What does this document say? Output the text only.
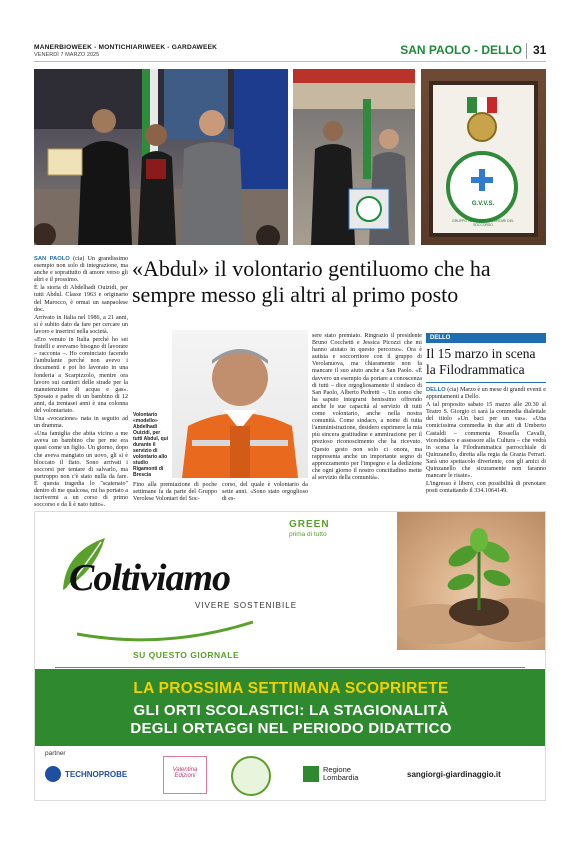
MANERBIOWEEK - MONTICHIARIWEEK - GARDAWEEK
VENERDÌ 7 MARZO 2025	SAN PAOLO - DELLO 31
G.V.V.S.
GRUPPO VEROLESE VOLONTARI DEL SOCCORSO

SAN PAOLO (cia) Un grandissimo esempio non solo di integrazione, ma anche e soprattutto di amore verso gli altri e il prossimo.

È la storia di Abdelhadi Ouizidi, per tutti Abdul. Classe 1963 e originario del Marocco, è ormai un sanpaolese doc.

Arrivato in Italia nel 1986, a 21 anni, si è subito dato da fare per cercare un lavoro e inserirsi nella società.

«Ero venuto in Italia perché ho sei fratelli e avevamo bisogno di lavorare – racconta –. Ho cominciato facendo l'ambulante perché non avevo i documenti e poi ho lavorato in una fonderia a Scarpizzolo, mentre ora lavoro sui cantieri delle strade per la manutenzione di acqua e gas». Sposato e padre di un bambino di 12 anni, da trentasei anni è una colonna del volontariato.

Una «vocazione» nata in seguito ad un dramma.

«Una famiglia che abita vicino a me aveva un bambino che per me era quasi come un figlio. Un giorno, dopo che aveva mangiato un uovo, gli si è bloccato il fiato. Sono arrivati i soccorsi per tentare di salvarlo, ma purtroppo non c'è stato nulla da fare. È questa tragedia lo "scatenato" dentro di me qualcosa, mi ha portato a iscrivermi a un corso di primo soccorso e da lì è nato tutto».

«Abdul» il volontario gentiluomo che ha sempre messo gli altri al primo posto
Volontario «modello» Abdelhadi Ouizidi, per tutti Abdul, qui durante il servizio di volontario allo studio Rigamonti di Brescia
Fino alla premiazione di poche settimane fa da parte del Gruppo Verolese Volontari del Soc-
corso, del quale è volontario da sette anni. «Sono stato orgoglioso di es-
sere stato premiato. Ringrazio il presidente Bruno Cocchetti e Jessica Picozzi che mi hanno aiutato in questo percorso». Ora è autista e soccorritore con il gruppo di Verolanuova, ma chiaramente non fa mancare il suo aiuto anche a San Paolo. «È davvero un esempio da portare a conoscenza di tutti – dice orgogliosamente il sindaco di San Paolo, Alberto Pedretti –. Un uomo che ha saputo integrarsi benissimo offrendo anche le sue capacità al servizio di tutti come volontario, anche nella nostra comunità. Come sindaco, a nome di tutta l'amministrazione, desidero esprimere la mia più sincera gratitudine e ammirazione per il prezioso riconoscimento che ha ricevuto. Questo gesto non solo ci onora, ma rappresenta anche un importante segno di apprezzamento per l'impegno e la dedizione che ogni giorno il nostro concittadino mette al servizio della comunità».
DELLO
Il 15 marzo in scena la Filodrammatica

DELLO (cia) Marzo è un mese di grandi eventi e appuntamenti a Dello.

A tal proposito sabato 15 marzo alle 20.30 al Teatro S. Giorgio ci sarà la commedia dialettale del titolo «Un baci per un vas». «Una comicissima commedia in due atti di Umberto Castaldi – commenta Rossella Cavalli, vicesindaco e assessore alla Cultura – che vedrà in scena la Filodrammatica parrocchiale di Quinzanello, diretta alla regia da Grazia Ferrari. Sarà uno spettacolo divertente, con gli amici di Quinzanello che sicuramente non faranno mancare le risate».

L'ingresso è libero, con possibilità di prenotare posti contattando il 334.1064149.

GREEN
prima di tutto
Coltiviamo
VIVERE SOSTENIBILE
SU QUESTO GIORNALE
LA PROSSIMA SETTIMANA SCOPRIRETE
GLI ORTI SCOLASTICI: LA STAGIONALITÀ
DEGLI ORTAGGI NEL PERIODO DIDATTICO
partner
TECHNOPROBE	Valentina Edizioni
Regione Lombardia	sangiorgi-giardinaggio.it
